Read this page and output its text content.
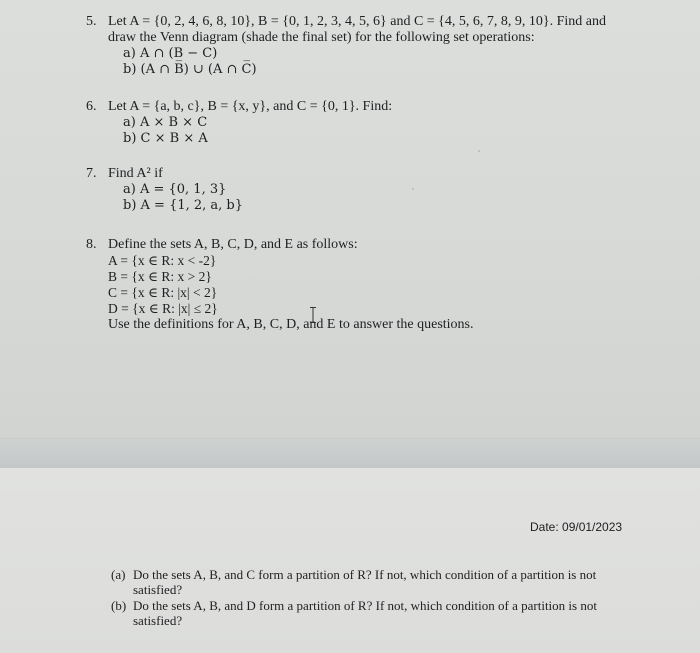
5. Let A = {0, 2, 4, 6, 8, 10}, B = {0, 1, 2, 3, 4, 5, 6} and C = {4, 5, 6, 7, 8, 9, 10}. Find and
draw the Venn diagram (shade the final set) for the following set operations:
a) A ∩ (B − C)
b) (A ∩ B̅) ∪ (A ∩ C̅)
6. Let A = {a, b, c}, B = {x, y}, and C = {0, 1}. Find:
a) A × B × C
b) C × B × A
7. Find A² if
a) A = {0, 1, 3}
b) A = {1, 2, a, b}
8. Define the sets A, B, C, D, and E as follows:
A = {x ∈ R: x < -2}
B = {x ∈ R: x > 2}
C = {x ∈ R: |x| < 2}
D = {x ∈ R: |x| ≤ 2}
Use the definitions for A, B, C, D, and E to answer the questions.
Date: 09/01/2023
(a) Do the sets A, B, and C form a partition of R? If not, which condition of a partition is not satisfied?
(b) Do the sets A, B, and D form a partition of R? If not, which condition of a partition is not satisfied?
